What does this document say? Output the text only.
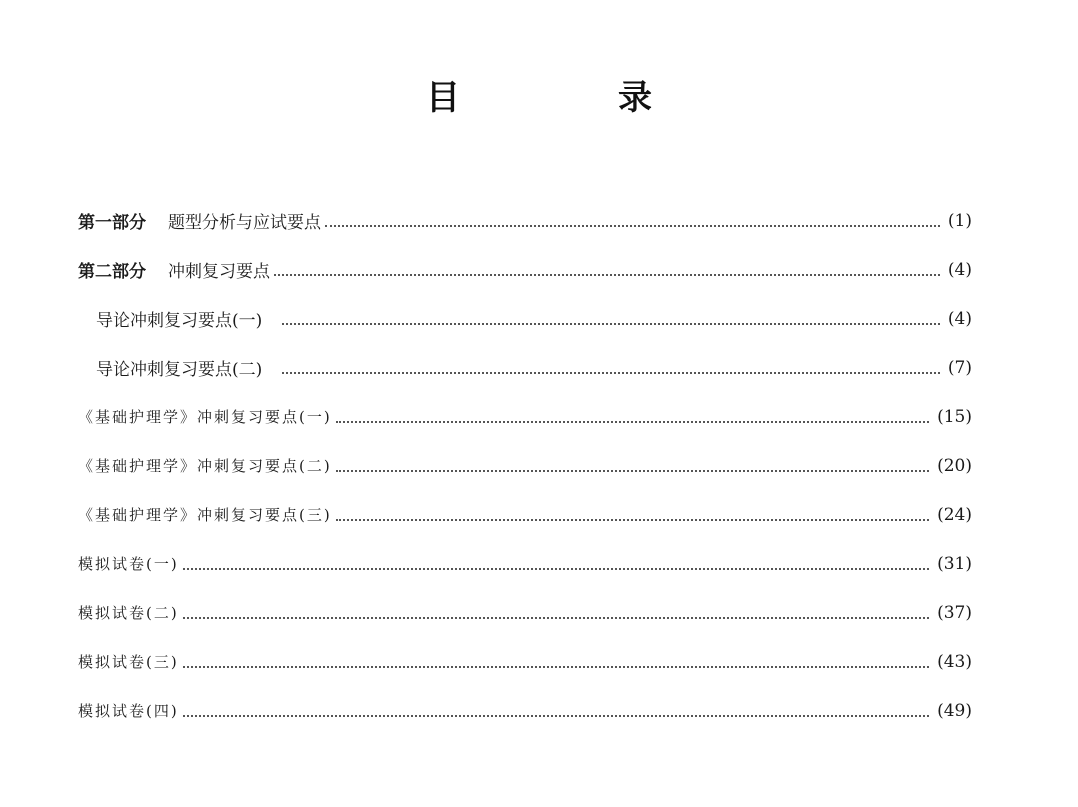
目　录
第一部分 题型分析与应试要点	(1)
第二部分 冲刺复习要点	(4)
导论冲刺复习要点(一)	(4)
导论冲刺复习要点(二)	(7)
《基础护理学》冲刺复习要点(一)	(15)
《基础护理学》冲刺复习要点(二)	(20)
《基础护理学》冲刺复习要点(三)	(24)
模拟试卷(一)	(31)
模拟试卷(二)	(37)
模拟试卷(三)	(43)
模拟试卷(四)	(49)
